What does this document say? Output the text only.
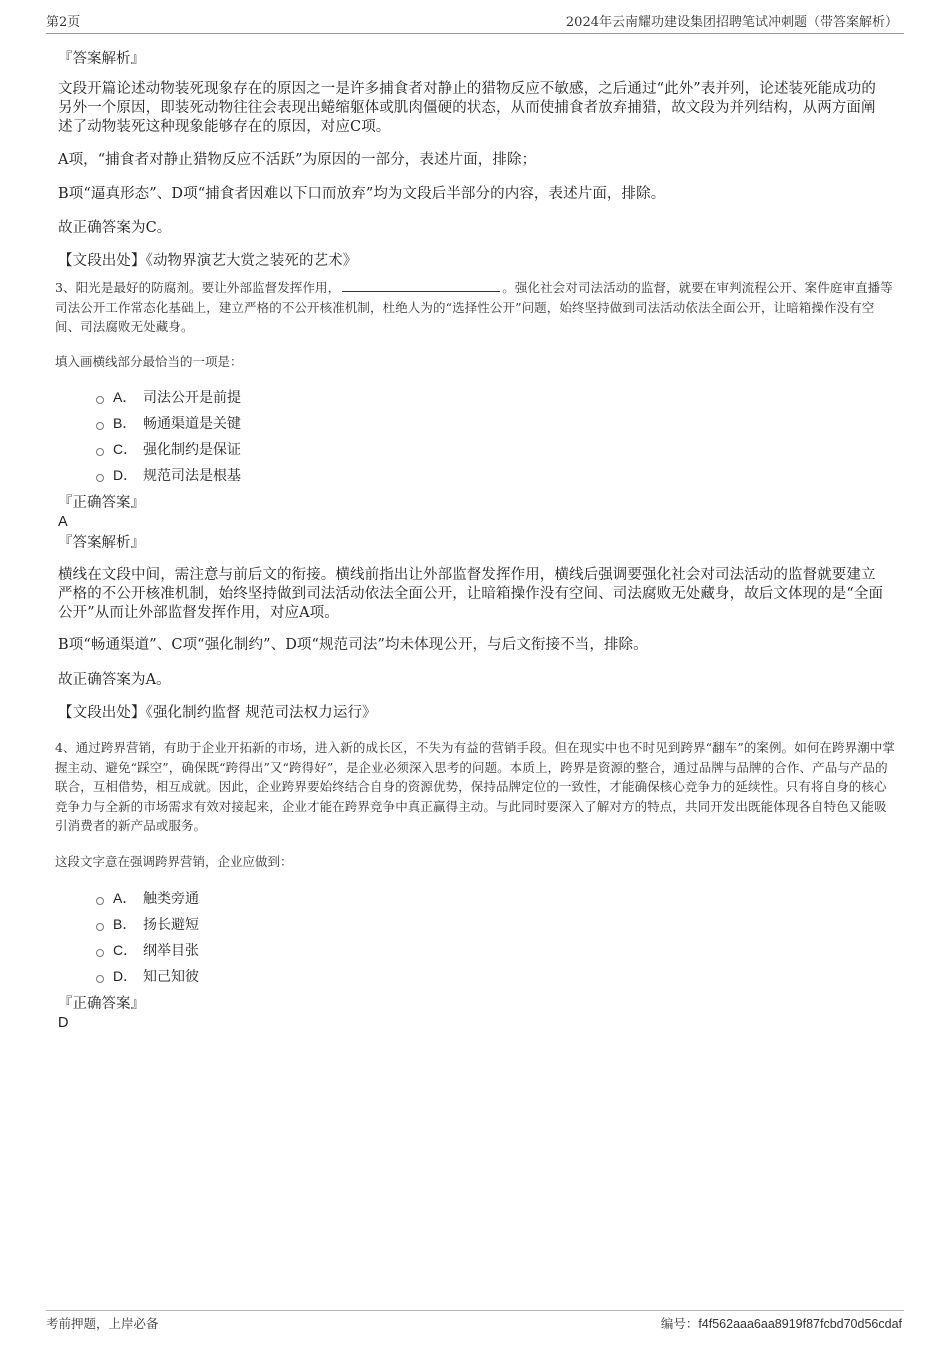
第2页	2024年云南耀功建设集团招聘笔试冲刺题（带答案解析）
『答案解析』
文段开篇论述动物装死现象存在的原因之一是许多捕食者对静止的猎物反应不敏感，之后通过“此外”表并列，论述装死能成功的另外一个原因，即装死动物往往会表现出蜷缩躯体或肌肉僵硬的状态，从而使捕食者放弃捕猎，故文段为并列结构，从两方面阐述了动物装死这种现象能够存在的原因，对应C项。
A项，“捕食者对静止猎物反应不活跃”为原因的一部分，表述片面，排除；
B项“逼真形态”、D项“捕食者因难以下口而放弃”均为文段后半部分的内容，表述片面，排除。
故正确答案为C。
【文段出处】《动物界演艺大赏之装死的艺术》
3、阳光是最好的防腐剂。要让外部监督发挥作用，	。强化社会对司法活动的监督，就要在审判流程公开、案件庭审直播等司法公开工作常态化基础上，建立严格的不公开核准机制，杜绝人为的“选择性公开”问题，始终坚持做到司法活动依法全面公开，让暗箱操作没有空间、司法腐败无处藏身。
填入画横线部分最恰当的一项是：
A． 司法公开是前提
B． 畅通渠道是关键
C． 强化制约是保证
D． 规范司法是根基
『正确答案』
A
『答案解析』
横线在文段中间，需注意与前后文的衔接。横线前指出让外部监督发挥作用，横线后强调要强化社会对司法活动的监督就要建立严格的不公开核准机制，始终坚持做到司法活动依法全面公开，让暗箱操作没有空间、司法腐败无处藏身，故后文体现的是“全面公开”从而让外部监督发挥作用，对应A项。
B项“畅通渠道”、C项“强化制约”、D项“规范司法”均未体现公开，与后文衔接不当，排除。
故正确答案为A。
【文段出处】《强化制约监督 规范司法权力运行》
4、通过跨界营销，有助于企业开拓新的市场，进入新的成长区，不失为有益的营销手段。但在现实中也不时见到跨界“翻车”的案例。如何在跨界潮中掌握主动、避免“踩空”，确保既“跨得出”又“跨得好”，是企业必须深入思考的问题。本质上，跨界是资源的整合，通过品牌与品牌的合作、产品与产品的联合，互相借势，相互成就。因此，企业跨界要始终结合自身的资源优势，保持品牌定位的一致性，才能确保核心竞争力的延续性。只有将自身的核心竞争力与全新的市场需求有效对接起来，企业才能在跨界竞争中真正赢得主动。与此同时要深入了解对方的特点，共同开发出既能体现各自特色又能吸引消费者的新产品或服务。
这段文字意在强调跨界营销，企业应做到：
A． 触类旁通
B． 扬长避短
C． 纲举目张
D． 知己知彼
『正确答案』
D
考前押题，上岸必备	编号：f4f562aaa6aa8919f87fcbd70d56cdaf
